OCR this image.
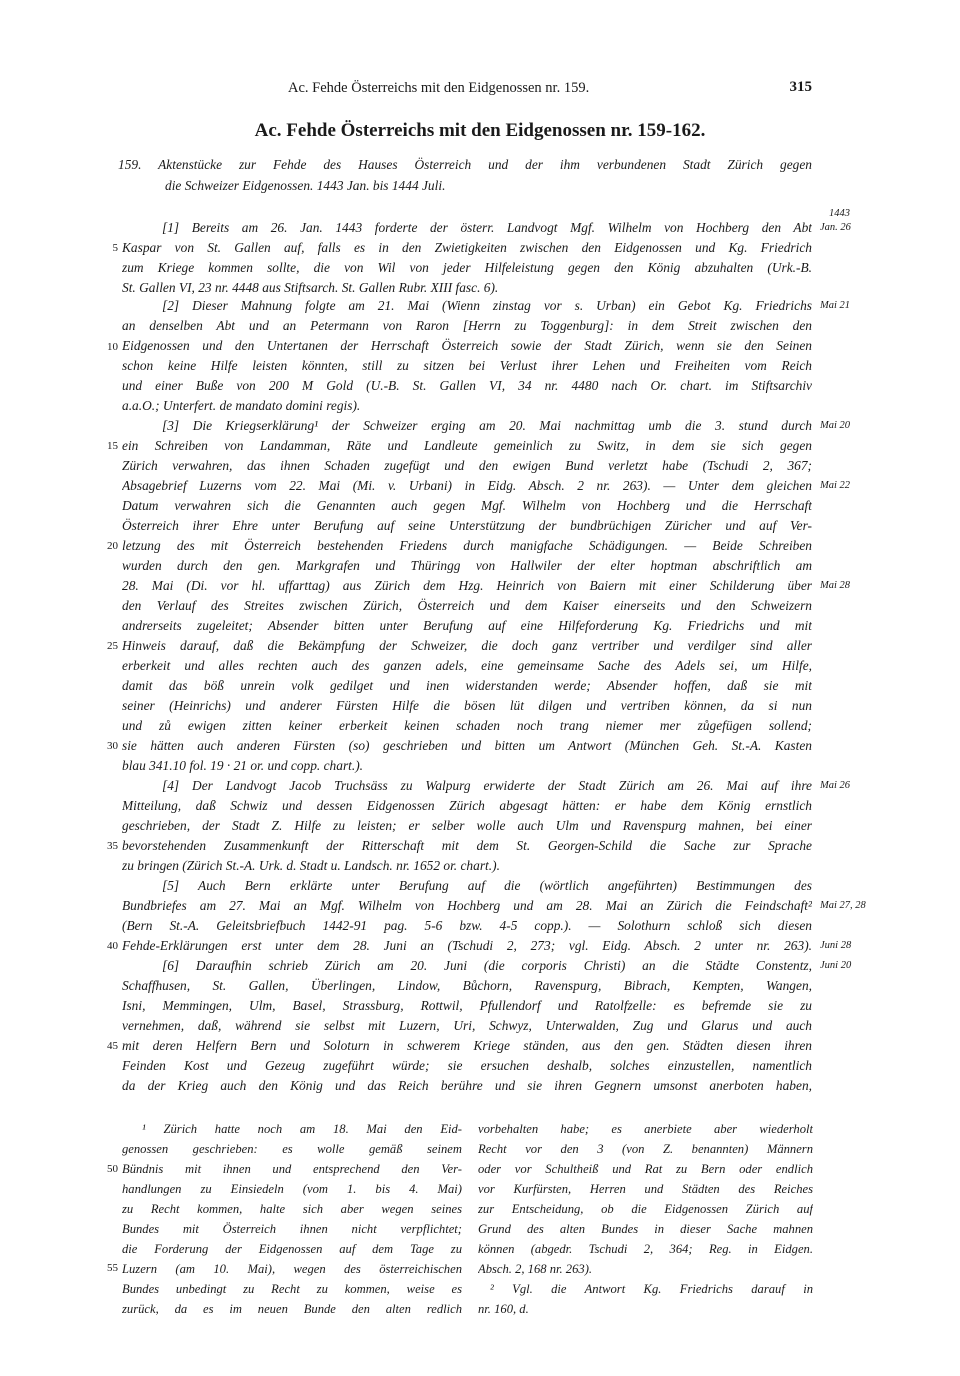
Ac. Fehde Österreichs mit den Eidgenossen nr. 159.	315
Ac. Fehde Österreichs mit den Eidgenossen nr. 159-162.
159. Aktenstücke zur Fehde des Hauses Österreich und der ihm verbundenen Stadt Zürich gegen
die Schweizer Eidgenossen. 1443 Jan. bis 1444 Juli.
[1] Bereits am 26. Jan. 1443 forderte der österr. Landvogt Mgf. Wilhelm von Hochberg den Abt
Kaspar von St. Gallen auf, falls es in den Zwietigkeiten zwischen den Eidgenossen und Kg. Friedrich
zum Kriege kommen sollte, die von Wil von jeder Hilfeleistung gegen den König abzuhalten (Urk.-B.
St. Gallen VI, 23 nr. 4448 aus Stiftsarch. St. Gallen Rubr. XIII fasc. 6).
[2] Dieser Mahnung folgte am 21. Mai (Wienn zinstag vor s. Urban) ein Gebot Kg. Friedrichs
an denselben Abt und an Petermann von Raron [Herrn zu Toggenburg]: in dem Streit zwischen den
Eidgenossen und den Untertanen der Herrschaft Österreich sowie der Stadt Zürich, wenn sie den Seinen
schon keine Hilfe leisten könnten, still zu sitzen bei Verlust ihrer Lehen und Freiheiten vom Reich
und einer Buße von 200 M Gold (U.-B. St. Gallen VI, 34 nr. 4480 nach Or. chart. im Stiftsarchiv
a.a.O.; Unterfert. de mandato domini regis).
[3] Die Kriegserklärung¹ der Schweizer erging am 20. Mai nachmittag umb die 3. stund durch
ein Schreiben von Landamman, Räte und Landleute gemeinlich zu Switz, in dem sie sich gegen
Zürich verwahren, das ihnen Schaden zugefügt und den ewigen Bund verletzt habe (Tschudi 2, 367;
Absagebrief Luzerns vom 22. Mai (Mi. v. Urbani) in Eidg. Absch. 2 nr. 263). — Unter dem gleichen
Datum verwahren sich die Genannten auch gegen Mgf. Wilhelm von Hochberg und die Herrschaft
Österreich ihrer Ehre unter Berufung auf seine Unterstützung der bundbrüchigen Züricher und auf Ver-
letzung des mit Österreich bestehenden Friedens durch manigfache Schädigungen. — Beide Schreiben
wurden durch den gen. Markgrafen und Thüringg von Hallwiler der elter hoptman abschriftlich am
28. Mai (Di. vor hl. uffarttag) aus Zürich dem Hzg. Heinrich von Baiern mit einer Schilderung über
den Verlauf des Streites zwischen Zürich, Österreich und dem Kaiser einerseits und den Schweizern
andrerseits zugeleitet; Absender bitten unter Berufung auf eine Hilfeforderung Kg. Friedrichs und mit
Hinweis darauf, daß die Bekämpfung der Schweizer, die doch ganz vertriber und verdilger sind aller
erberkeit und alles rechten auch des ganzen adels, eine gemeinsame Sache des Adels sei, um Hilfe,
damit das böß unrein volk gedilget und inen widerstanden werde; Absender hoffen, daß sie mit
seiner (Heinrichs) und anderer Fürsten Hilfe die bösen lüt dilgen und vertriben können, da si nun
und zů ewigen zitten keiner erberkeit keinen schaden noch trang niemer mer zůgefügen sollend;
sie hätten auch anderen Fürsten (so) geschrieben und bitten um Antwort (München Geh. St.-A. Kasten
blau 341.10 fol. 19 · 21 or. und copp. chart.).
[4] Der Landvogt Jacob Truchsäss zu Walpurg erwiderte der Stadt Zürich am 26. Mai auf ihre
Mitteilung, daß Schwiz und dessen Eidgenossen Zürich abgesagt hätten: er habe dem König ernstlich
geschrieben, der Stadt Z. Hilfe zu leisten; er selber wolle auch Ulm und Ravenspurg mahnen, bei einer
bevorstehenden Zusammenkunft der Ritterschaft mit dem St. Georgen-Schild die Sache zur Sprache
zu bringen (Zürich St.-A. Urk. d. Stadt u. Landsch. nr. 1652 or. chart.).
[5] Auch Bern erklärte unter Berufung auf die (wörtlich angeführten) Bestimmungen des
Bundbriefes am 27. Mai an Mgf. Wilhelm von Hochberg und am 28. Mai an Zürich die Feindschaft²
(Bern St.-A. Geleitsbriefbuch 1442-91 pag. 5-6 bzw. 4-5 copp.). — Solothurn schloß sich diesen
Fehde-Erklärungen erst unter dem 28. Juni an (Tschudi 2, 273; vgl. Eidg. Absch. 2 unter nr. 263).
[6] Daraufhin schrieb Zürich am 20. Juni (die corporis Christi) an die Städte Constentz,
Schaffhusen, St. Gallen, Überlingen, Lindow, Bůchorn, Ravenspurg, Bibrach, Kempten, Wangen,
Isni, Memmingen, Ulm, Basel, Strassburg, Rottwil, Pfullendorf und Ratolfzelle: es befremde sie zu
vernehmen, daß, während sie selbst mit Luzern, Uri, Schwyz, Unterwalden, Zug und Glarus und auch
mit deren Helfern Bern und Soloturn in schwerem Kriege ständen, aus den gen. Städten diesen ihren
Feinden Kost und Gezeug zugeführt würde; sie ersuchen deshalb, solches einzustellen, namentlich
da der Krieg auch den König und das Reich berühre und sie ihren Gegnern umsonst anerboten haben,
5
10
15
20
25
30
35
40
45
50
55
1443
Jan. 26
Mai 21
Mai 20
Mai 22
Mai 28
Mai 26
Mai 27, 28
Juni 28
Juni 20
¹ Zürich hatte noch am 18. Mai den Eid-
genossen geschrieben: es wolle gemäß seinem
Bündnis mit ihnen und entsprechend den Ver-
handlungen zu Einsiedeln (vom 1. bis 4. Mai)
zu Recht kommen, halte sich aber wegen seines
Bundes mit Österreich ihnen nicht verpflichtet;
die Forderung der Eidgenossen auf dem Tage zu
Luzern (am 10. Mai), wegen des österreichischen
Bundes unbedingt zu Recht zu kommen, weise es
zurück, da es im neuen Bunde den alten redlich
vorbehalten habe; es anerbiete aber wiederholt
Recht vor den 3 (von Z. benannten) Männern
oder vor Schultheiß und Rat zu Bern oder endlich
vor Kurfürsten, Herren und Städten des Reiches
zur Entscheidung, ob die Eidgenossen Zürich auf
Grund des alten Bundes in dieser Sache mahnen
können (abgedr. Tschudi 2, 364; Reg. in Eidgen.
Absch. 2, 168 nr. 263).
² Vgl. die Antwort Kg. Friedrichs darauf in
nr. 160, d.
